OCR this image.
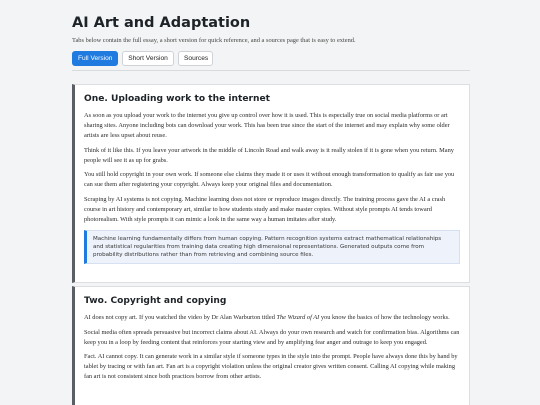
AI Art and Adaptation

Tabs below contain the full essay, a short version for quick reference, and a sources page that is easy to extend.

Full Version	Short Version	Sources
One. Uploading work to the internet

As soon as you upload your work to the internet you give up control over how it is used. This is especially true on social media platforms or art sharing sites. Anyone including bots can download your work. This has been true since the start of the internet and may explain why some older artists are less upset about reuse.

Think of it like this. If you leave your artwork in the middle of Lincoln Road and walk away is it really stolen if it is gone when you return. Many people will see it as up for grabs.

You still hold copyright in your own work. If someone else claims they made it or uses it without enough transformation to qualify as fair use you can sue them after registering your copyright. Always keep your original files and documentation.

Scraping by AI systems is not copying. Machine learning does not store or reproduce images directly. The training process gave the AI a crash course in art history and contemporary art, similar to how students study and make master copies. Without style prompts AI tends toward photorealism. With style prompts it can mimic a look in the same way a human imitates after study.

Machine learning fundamentally differs from human copying. Pattern recognition systems extract mathematical relationships and statistical regularities from training data creating high dimensional representations. Generated outputs come from probability distributions rather than from retrieving and combining source files.
Two. Copyright and copying

AI does not copy art. If you watched the video by Dr Alan Warburton titled The Wizard of AI you know the basics of how the technology works.

Social media often spreads persuasive but incorrect claims about AI. Always do your own research and watch for confirmation bias. Algorithms can keep you in a loop by feeding content that reinforces your starting view and by amplifying fear anger and outrage to keep you engaged.

Fact. AI cannot copy. It can generate work in a similar style if someone types in the style into the prompt. People have always done this by hand by tablet by tracing or with fan art. Fan art is a copyright violation unless the original creator gives written consent. Calling AI copying while making fan art is not consistent since both practices borrow from other artists.
